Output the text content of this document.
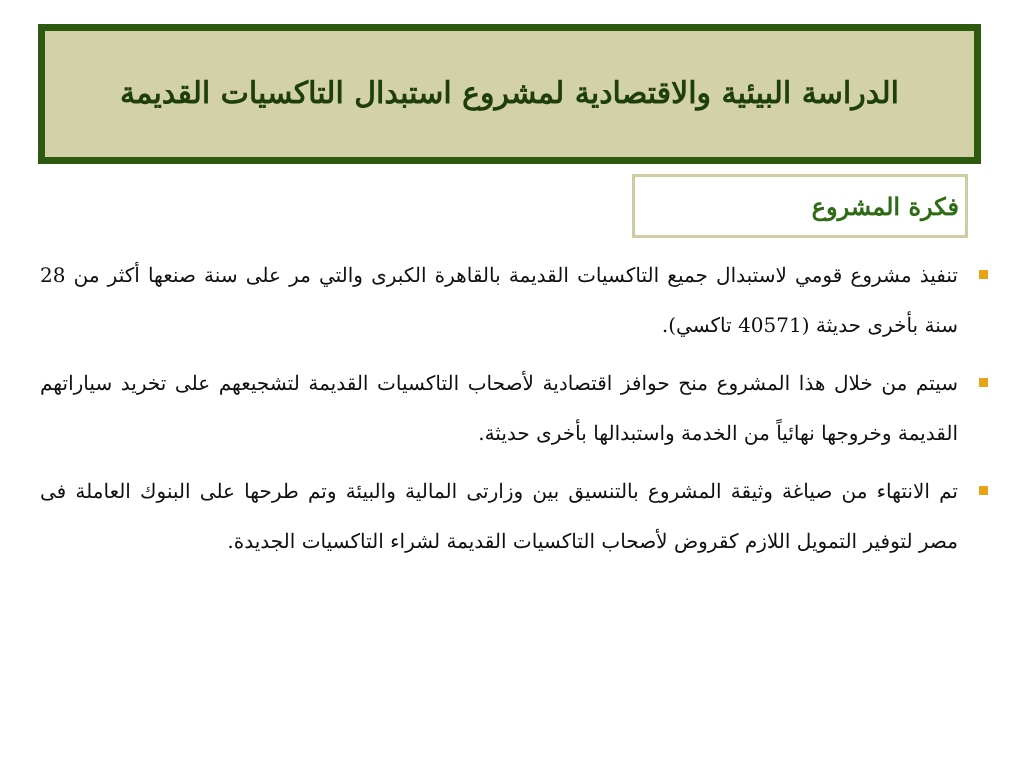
الدراسة البيئية والاقتصادية لمشروع استبدال التاكسيات القديمة
فكرة المشروع
تنفيذ مشروع قومي لاستبدال جميع التاكسيات القديمة بالقاهرة الكبرى والتي مر على سنة صنعها أكثر من 28 سنة بأخرى حديثة (40571 تاكسي).
سيتم من خلال هذا المشروع منح حوافز اقتصادية لأصحاب التاكسيات القديمة لتشجيعهم على تخريد سياراتهم القديمة وخروجها نهائياً من الخدمة واستبدالها بأخرى حديثة.
تم الانتهاء من صياغة وثيقة المشروع بالتنسيق بين وزارتى المالية والبيئة وتم طرحها على البنوك العاملة فى مصر لتوفير التمويل اللازم كقروض لأصحاب التاكسيات القديمة لشراء التاكسيات الجديدة.
